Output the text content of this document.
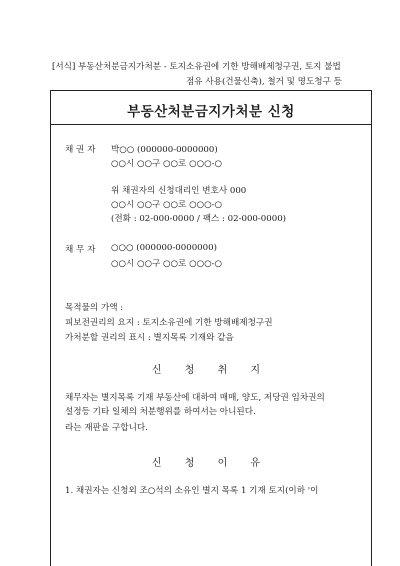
[서식] 부동산처분금지가처분 - 토지소유권에 기한 방해배제청구권, 토지 불법
점유 사용(건물신축), 철거 및 명도청구 등
부동산처분금지가처분 신청
채 권 자 박○○ (000000-0000000)
○○시 ○○구 ○○로 ○○○-○
위 채권자의 신청대리인 변호사 000
○○시 ○○구 ○○로 ○○○-○
(전화 : 02-000-0000 / 팩스 : 02-000-0000)
채 무 자 ○○○ (000000-0000000)
○○시 ○○구 ○○로 ○○○-○
목적물의 가액 :
피보전권리의 요지 : 토지소유권에 기한 방해배제청구권
가처분할 권리의 표시 : 별지목록 기재와 같음
신 청 취 지
채무자는 별지목록 기재 부동산에 대하여 매매, 양도, 저당권 임차권의
설정등 기타 일체의 처분행위를 하여서는 아니된다.
라는 재판을 구합니다.
신 청 이 유
1. 채권자는 신청외 조○석의 소유인 별지 목록 1 기재 토지(이하 '이
